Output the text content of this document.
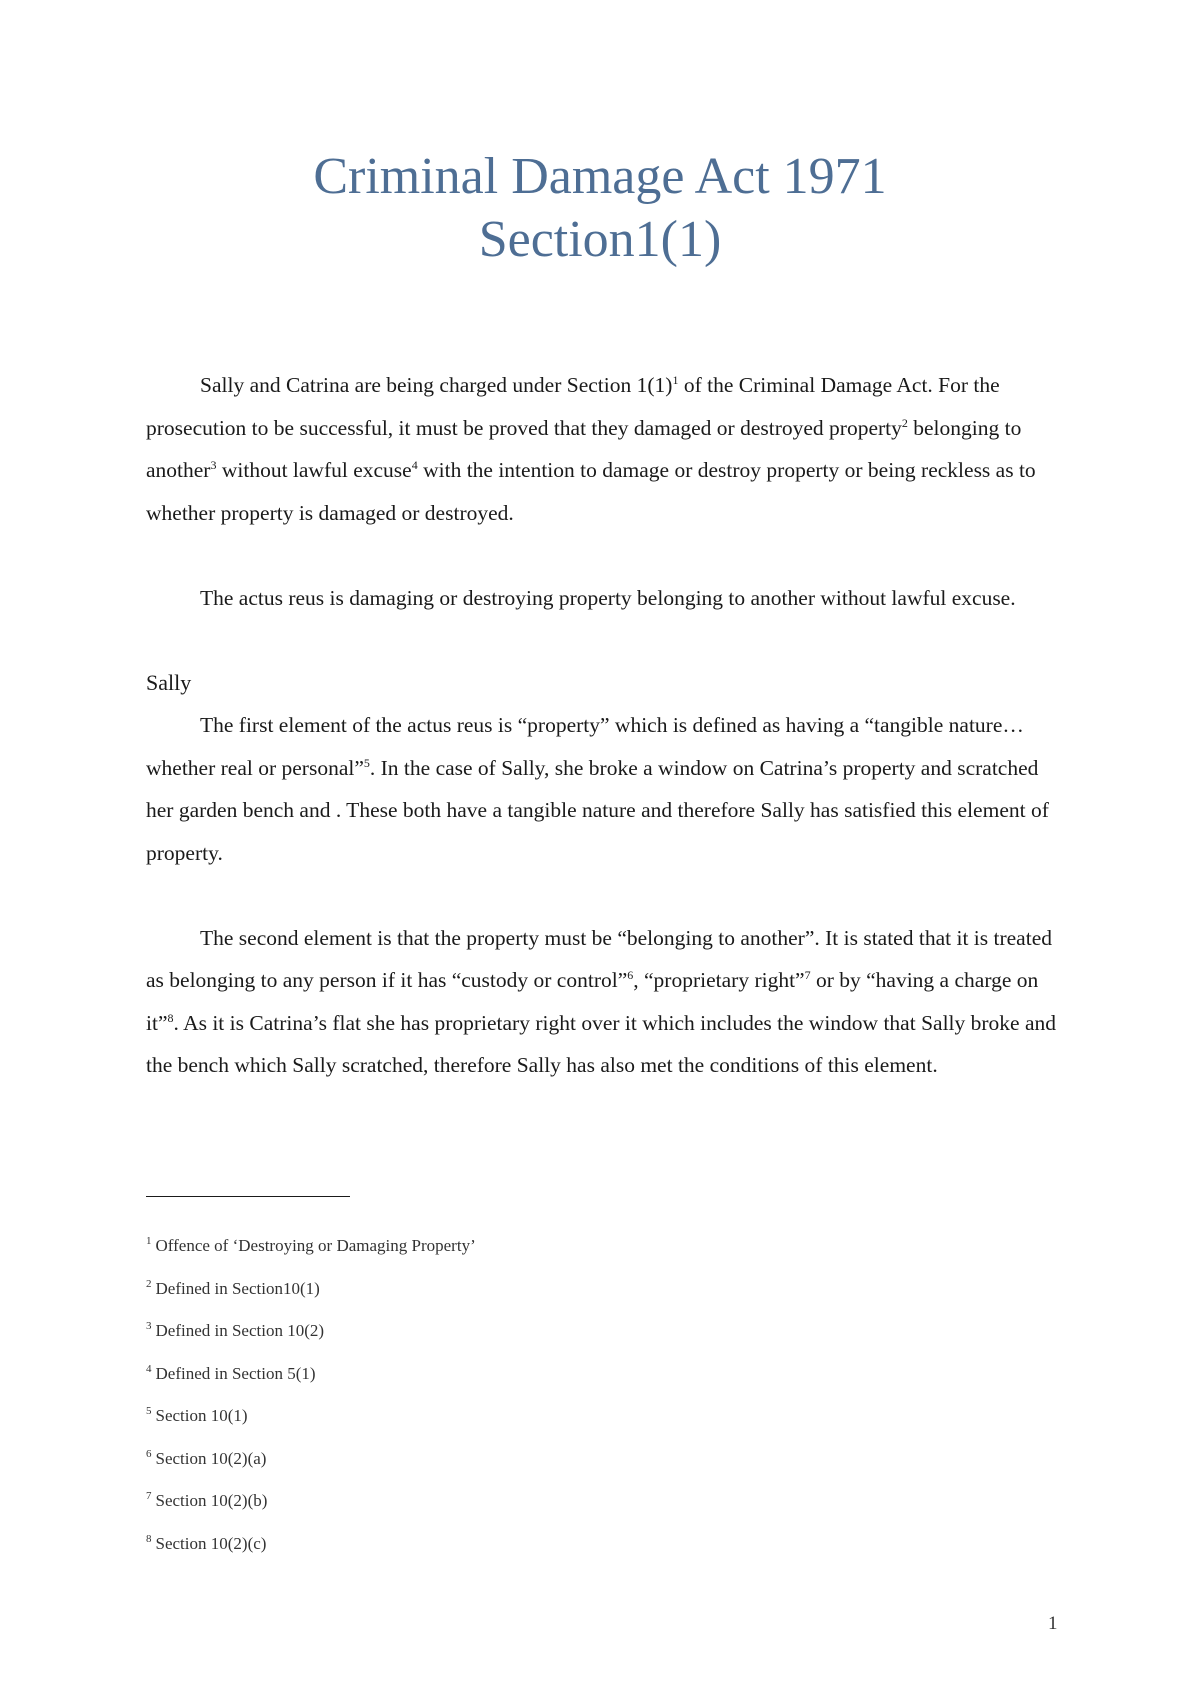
Criminal Damage Act 1971
Section1(1)

Sally and Catrina are being charged under Section $1(1)^1$ of the Criminal Damage Act. For the prosecution to be successful, it must be proved that they damaged or destroyed property$^2$ belonging to another$^3$ without lawful excuse$^4$ with the intention to damage or destroy property or being reckless as to whether property is damaged or destroyed.

The actus reus is damaging or destroying property belonging to another without lawful excuse.

Sally

The first element of the actus reus is “property” which is defined as having a “tangible nature… whether real or personal”$^5$. In the case of Sally, she broke a window on Catrina’s property and scratched her garden bench and . These both have a tangible nature and therefore Sally has satisfied this element of property.

The second element is that the property must be “belonging to another”. It is stated that it is treated as belonging to any person if it has “custody or control”$^6$, “proprietary right”$^7$ or by “having a charge on it”$^8$. As it is Catrina’s flat she has proprietary right over it which includes the window that Sally broke and the bench which Sally scratched, therefore Sally has also met the conditions of this element.

$^1$ Offence of ‘Destroying or Damaging Property’
$^2$ Defined in Section10(1)
$^3$ Defined in Section 10(2)
$^4$ Defined in Section 5(1)
$^5$ Section 10(1)
$^6$ Section 10(2)(a)
$^7$ Section 10(2)(b)
$^8$ Section 10(2)(c)
1
